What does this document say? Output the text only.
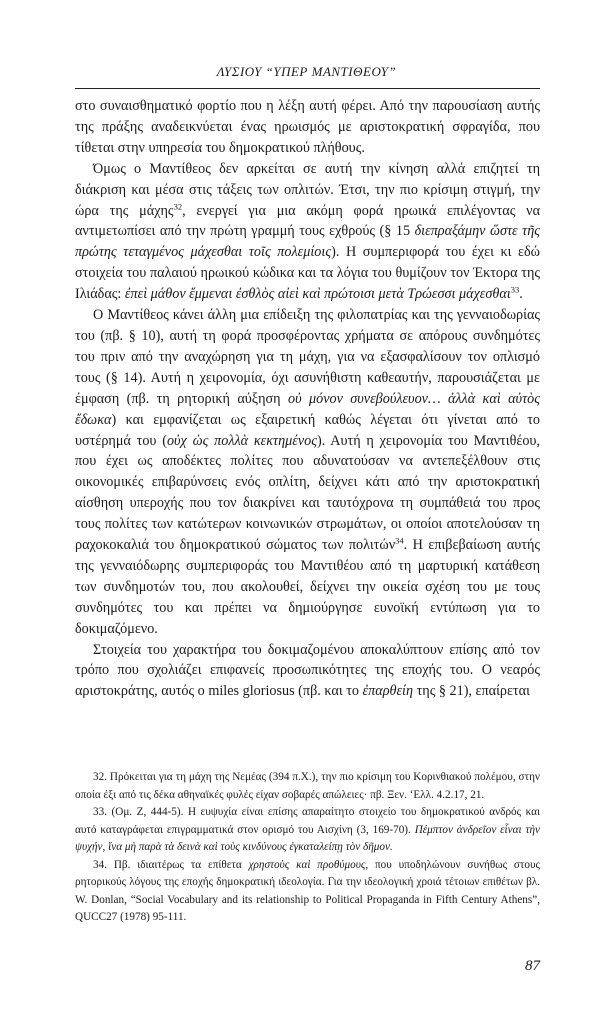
ΛΥΣΙΟΥ “ΥΠΕΡ ΜΑΝΤΙΘΕΟΥ”

στο συναισθηματικό φορτίο που η λέξη αυτή φέρει. Από την παρουσίαση αυτής της πράξης αναδεικνύεται ένας ηρωισμός με αριστοκρατική σφραγίδα, που τίθεται στην υπηρεσία του δημοκρατικού πλήθους.

Όμως ο Μαντίθεος δεν αρκείται σε αυτή την κίνηση αλλά επιζητεί τη διάκριση και μέσα στις τάξεις των οπλιτών. Έτσι, την πιο κρίσιμη στιγμή, την ώρα της μάχης$^{32}$, ενεργεί για μια ακόμη φορά ηρωικά επιλέγοντας να αντιμετωπίσει από την πρώτη γραμμή τους εχθρούς (§ 15 διεπραξάμην ὥστε τῆς πρώτης τεταγμένος μάχεσθαι τοῖς πολεμίοις). Η συμπεριφορά του έχει κι εδώ στοιχεία του παλαιού ηρωικού κώδικα και τα λόγια του θυμίζουν τον Έκτορα της Ιλιάδας: ἐπεὶ μάθον ἔμμεναι ἐσθλὸς αἰεὶ καὶ πρώτοισι μετὰ Τρώεσσι μάχεσθαι$^{33}$.

Ο Μαντίθεος κάνει άλλη μια επίδειξη της φιλοπατρίας και της γενναιοδωρίας του (πβ. § 10), αυτή τη φορά προσφέροντας χρήματα σε απόρους συνδημότες του πριν από την αναχώρηση για τη μάχη, για να εξασφαλίσουν τον οπλισμό τους (§ 14). Αυτή η χειρονομία, όχι ασυνήθιστη καθεαυτήν, παρουσιάζεται με έμφαση (πβ. τη ρητορική αύξηση οὐ μόνον συνεβούλευον… ἀλλὰ καὶ αὐτὸς ἔδωκα) και εμφανίζεται ως εξαιρετική καθώς λέγεται ότι γίνεται από το υστέρημά του (οὐχ ὡς πολλὰ κεκτημένος). Αυτή η χειρονομία του Μαντιθέου, που έχει ως αποδέκτες πολίτες που αδυνατούσαν να αντεπεξέλθουν στις οικονομικές επιβαρύνσεις ενός οπλίτη, δείχνει κάτι από την αριστοκρατική αίσθηση υπεροχής που τον διακρίνει και ταυτόχρονα τη συμπάθειά του προς τους πολίτες των κατώτερων κοινωνικών στρωμάτων, οι οποίοι αποτελούσαν τη ραχοκοκαλιά του δημοκρατικού σώματος των πολιτών$^{34}$. Η επιβεβαίωση αυτής της γενναιόδωρης συμπεριφοράς του Μαντιθέου από τη μαρτυρική κατάθεση των συνδημοτών του, που ακολουθεί, δείχνει την οικεία σχέση του με τους συνδημότες του και πρέπει να δημιούργησε ευνοϊκή εντύπωση για το δοκιμαζόμενο.

Στοιχεία του χαρακτήρα του δοκιμαζομένου αποκαλύπτουν επίσης από τον τρόπο που σχολιάζει επιφανείς προσωπικότητες της εποχής του. Ο νεαρός αριστοκράτης, αυτός ο miles gloriosus (πβ. και το ἐπαρθείη της § 21), επαίρεται

32. Πρόκειται για τη μάχη της Νεμέας (394 π.Χ.), την πιο κρίσιμη του Κορινθιακού πολέμου, στην οποία έξι από τις δέκα αθηναϊκές φυλές είχαν σοβαρές απώλειες· πβ. Ξεν. ‘Ελλ. 4.2.17, 21.

33. (Ομ. Ζ, 444-5). Η ευψυχία είναι επίσης απαραίτητο στοιχείο του δημοκρατικού ανδρός και αυτό καταγράφεται επιγραμματικά στον ορισμό του Αισχίνη (3, 169-70). Πέμπτον ἀνδρεῖον εἶναι τὴν ψυχήν, ἵνα μὴ παρὰ τὰ δεινὰ καὶ τοὺς κινδύνους ἐγκαταλείπῃ τὸν δῆμον.

34. Πβ. ιδιαιτέρως τα επίθετα χρηστοὺς καὶ προθύμους, που υποδηλώνουν συνήθως στους ρητορικούς λόγους της εποχής δημοκρατική ιδεολογία. Για την ιδεολογική χροιά τέτοιων επιθέτων βλ. W. Donlan, “Social Vocabulary and its relationship to Political Propaganda in Fifth Century Athens”, QUCC27 (1978) 95-111.

87
